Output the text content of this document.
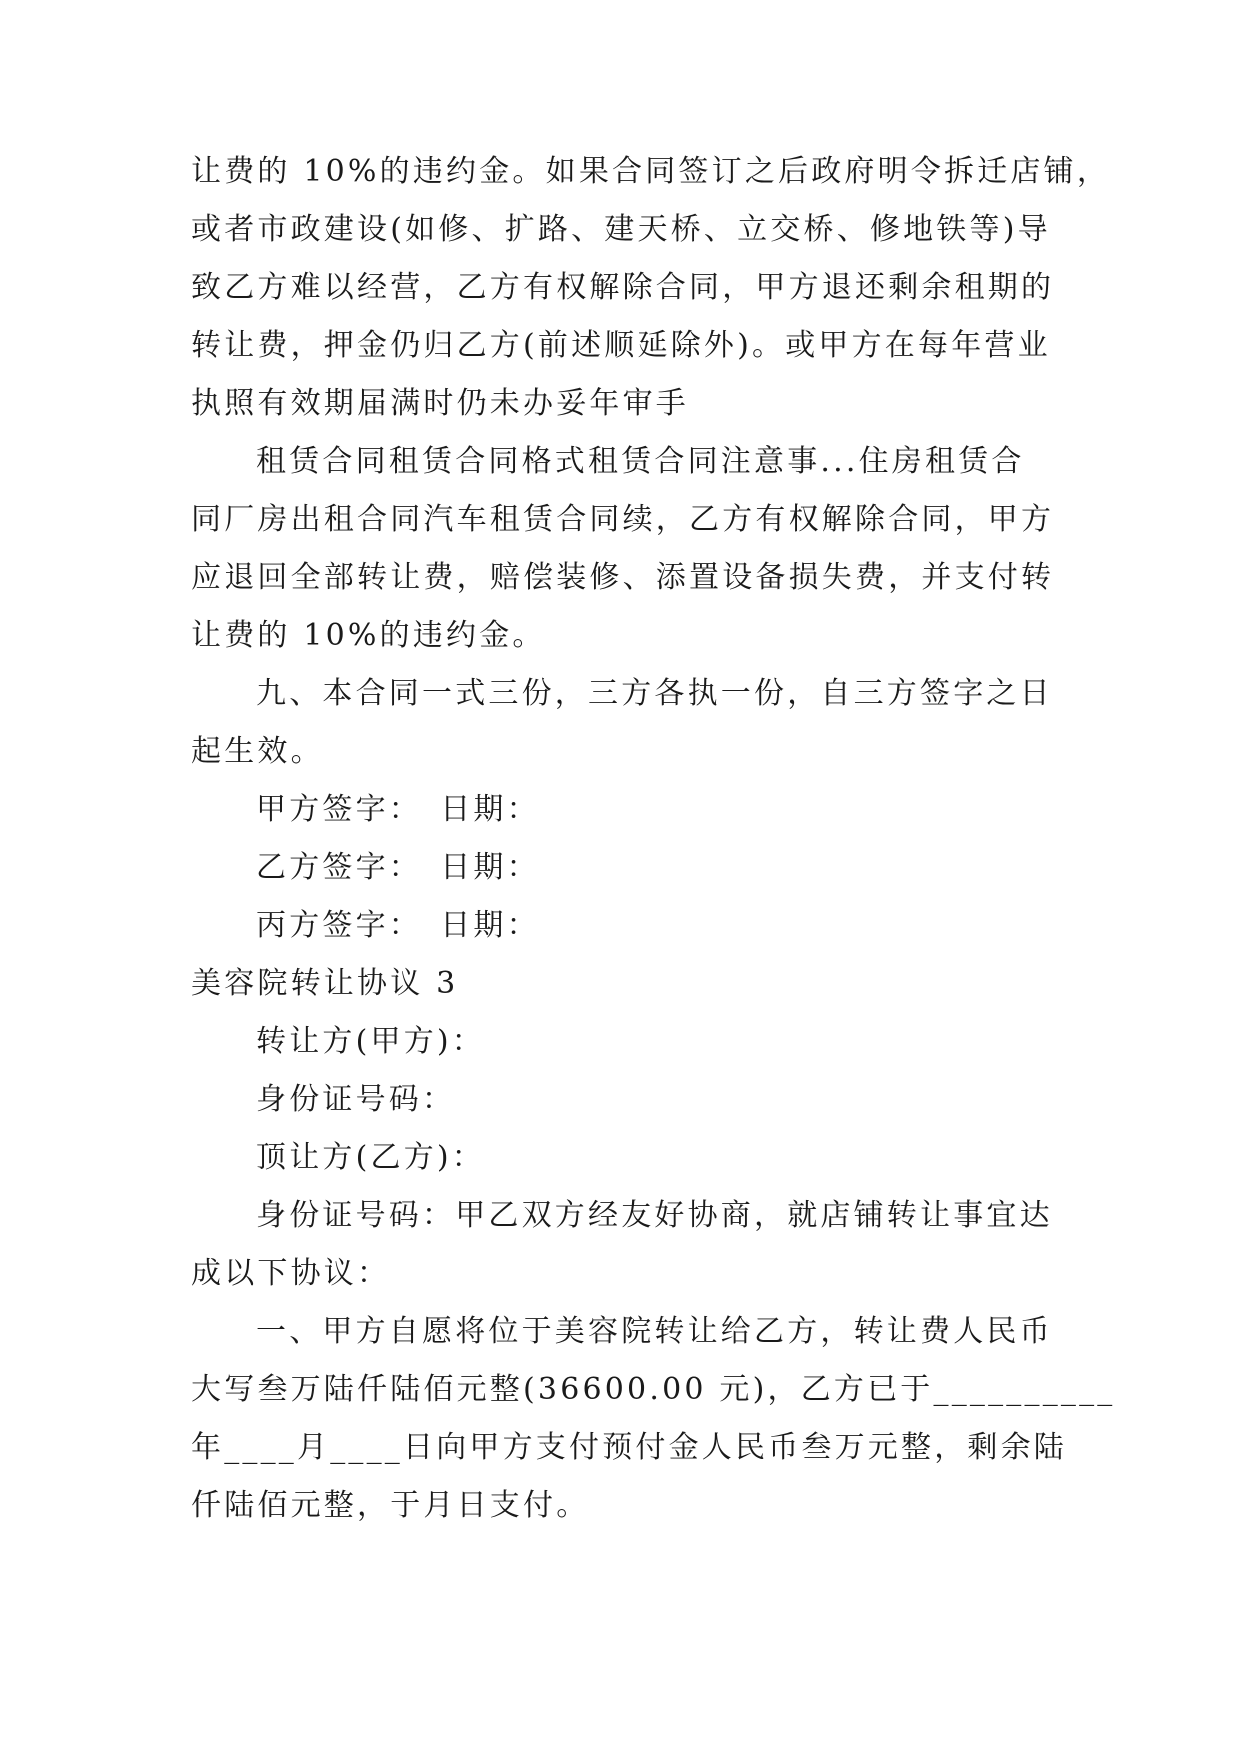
让费的 10%的违约金。如果合同签订之后政府明令拆迁店铺，
或者市政建设(如修、扩路、建天桥、立交桥、修地铁等)导
致乙方难以经营，乙方有权解除合同，甲方退还剩余租期的
转让费，押金仍归乙方(前述顺延除外)。或甲方在每年营业
执照有效期届满时仍未办妥年审手
租赁合同租赁合同格式租赁合同注意事...住房租赁合
同厂房出租合同汽车租赁合同续，乙方有权解除合同，甲方
应退回全部转让费，赔偿装修、添置设备损失费，并支付转
让费的 10%的违约金。
九、本合同一式三份，三方各执一份，自三方签字之日
起生效。
甲方签字：　日期：
乙方签字：　日期：
丙方签字：　日期：
美容院转让协议 3
转让方(甲方)：
身份证号码：
顶让方(乙方)：
身份证号码：甲乙双方经友好协商，就店铺转让事宜达
成以下协议：
一、甲方自愿将位于美容院转让给乙方，转让费人民币
大写叁万陆仟陆佰元整(36600.00 元)，乙方已于__________
年____月____日向甲方支付预付金人民币叁万元整，剩余陆
仟陆佰元整，于月日支付。
